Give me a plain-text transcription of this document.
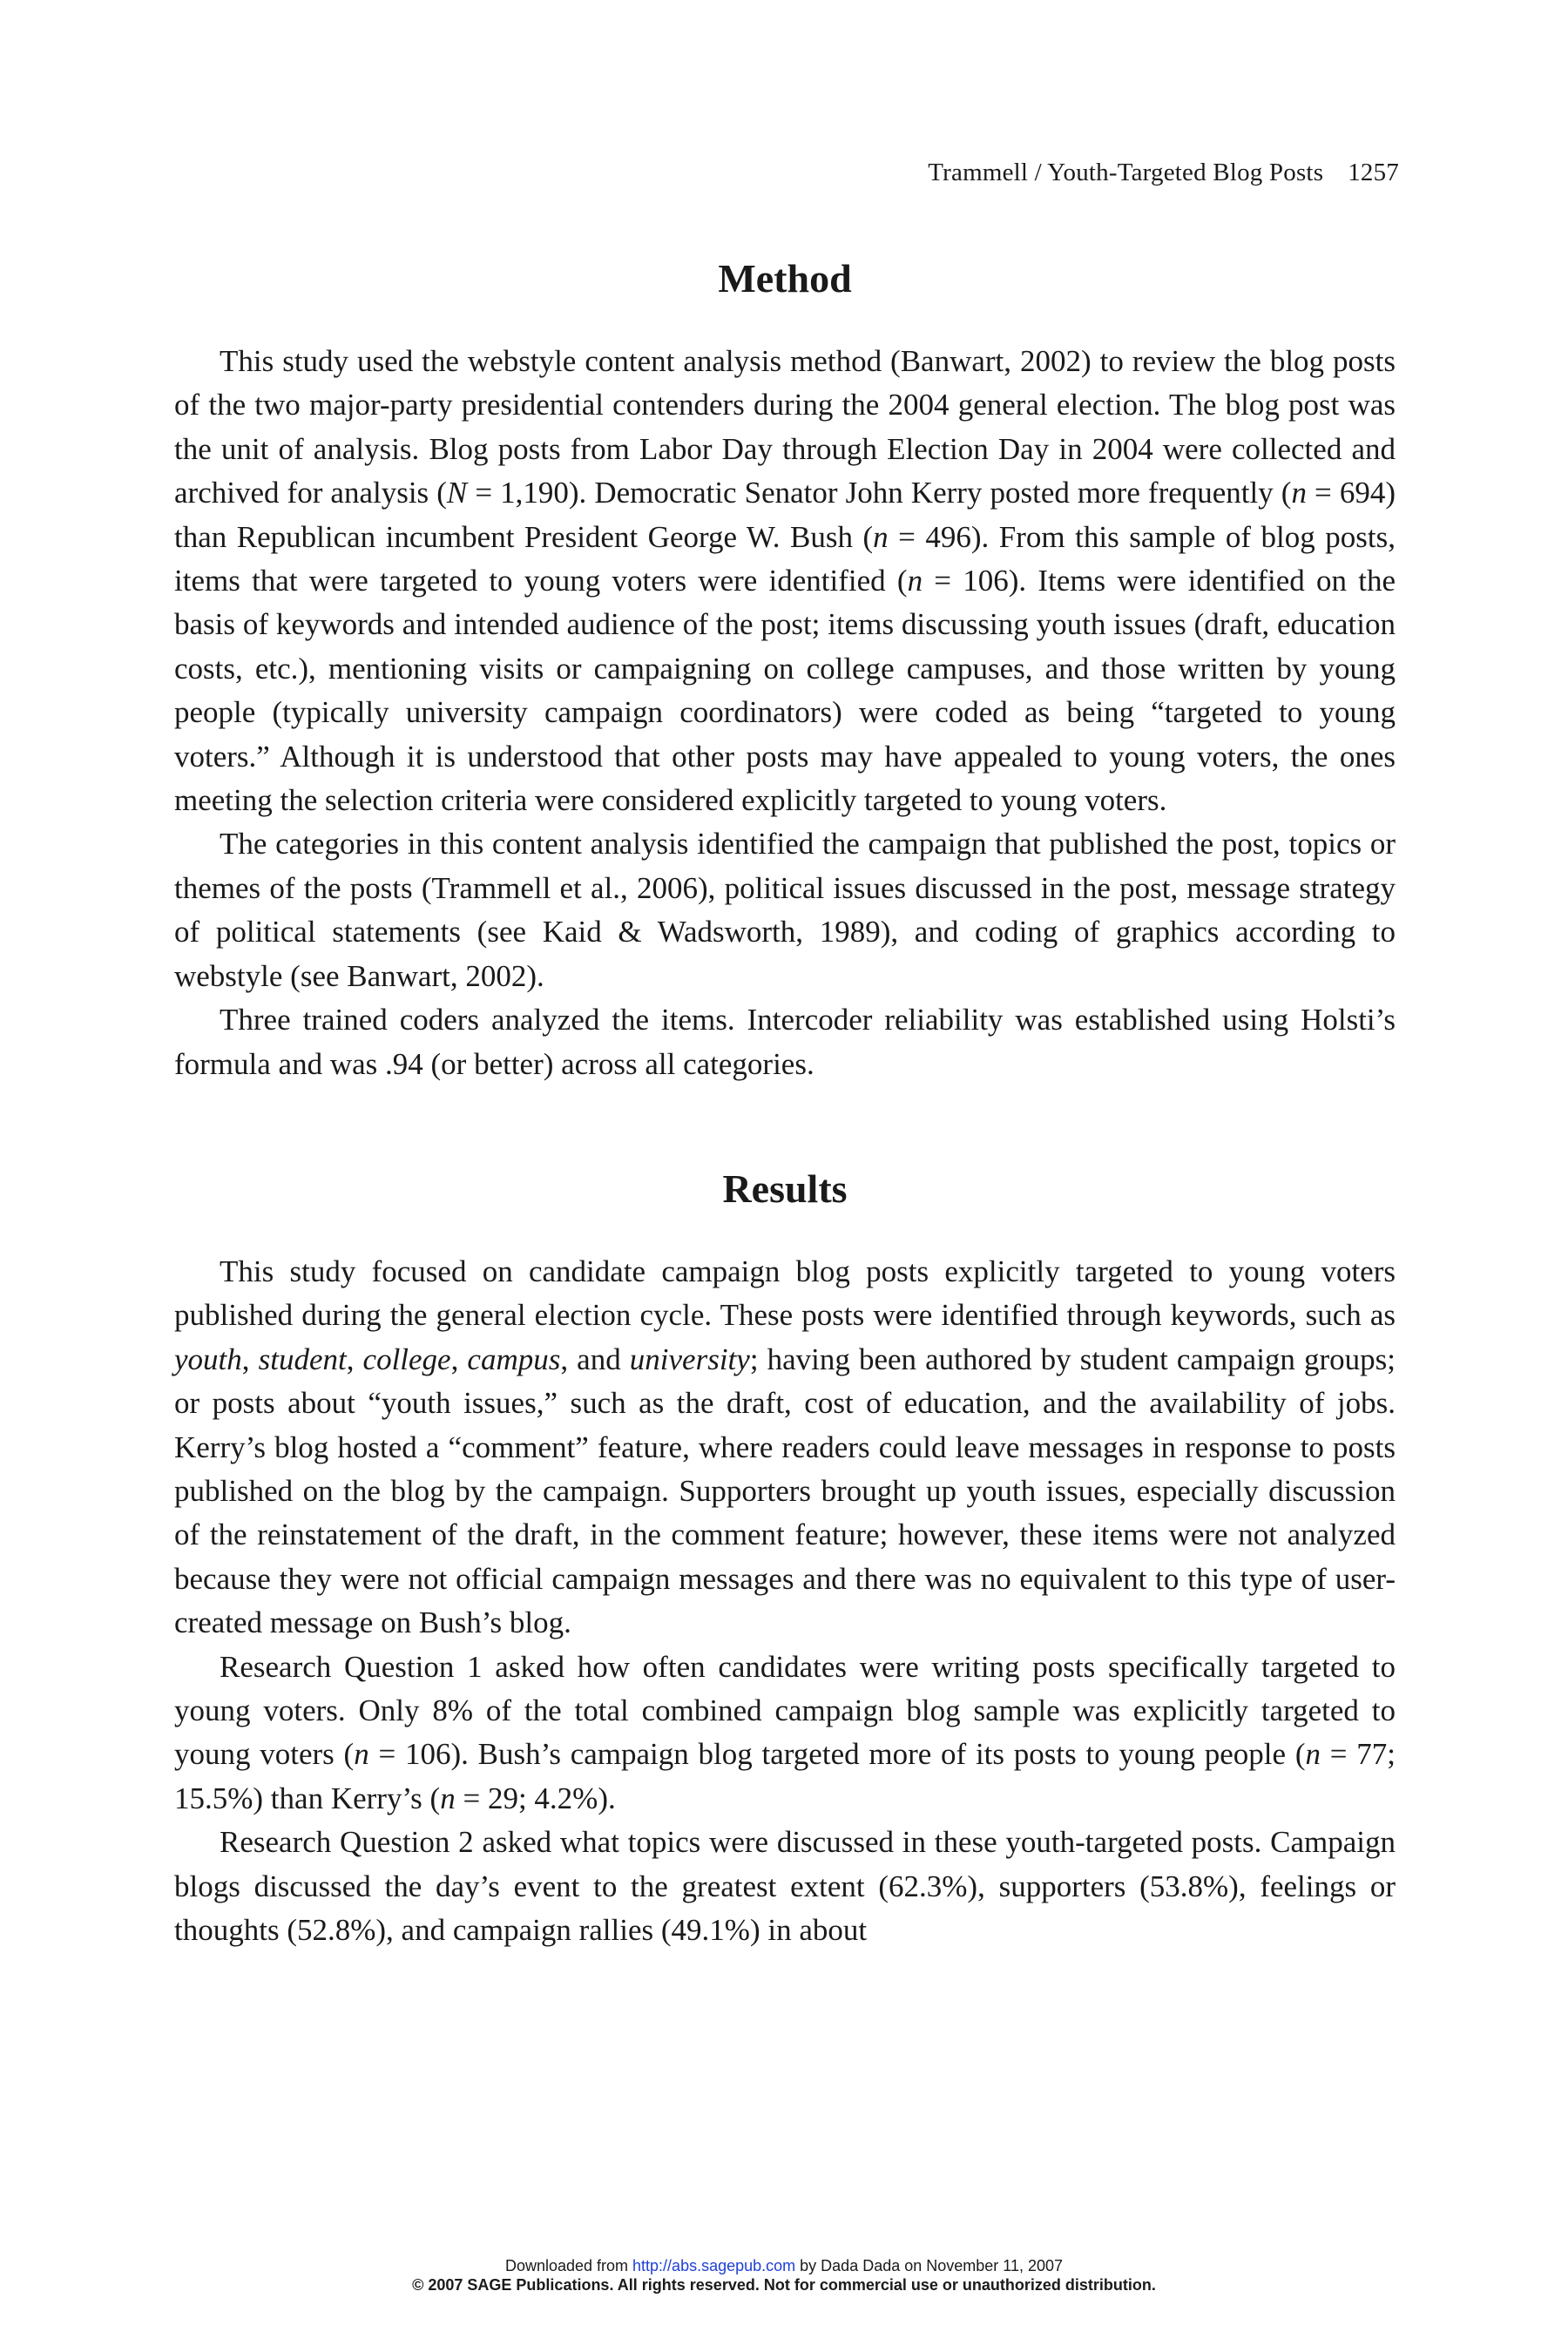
Trammell / Youth-Targeted Blog Posts 1257
Method

This study used the webstyle content analysis method (Banwart, 2002) to review the blog posts of the two major-party presidential contenders during the 2004 general election. The blog post was the unit of analysis. Blog posts from Labor Day through Election Day in 2004 were collected and archived for analysis (N = 1,190). Democratic Senator John Kerry posted more frequently (n = 694) than Republican incumbent President George W. Bush (n = 496). From this sample of blog posts, items that were targeted to young voters were identified (n = 106). Items were identified on the basis of keywords and intended audience of the post; items discussing youth issues (draft, education costs, etc.), mentioning visits or campaigning on college campuses, and those written by young people (typically university campaign coordinators) were coded as being “targeted to young voters.” Although it is understood that other posts may have appealed to young voters, the ones meeting the selection criteria were considered explicitly targeted to young voters.

The categories in this content analysis identified the campaign that published the post, topics or themes of the posts (Trammell et al., 2006), political issues discussed in the post, message strategy of political statements (see Kaid & Wadsworth, 1989), and coding of graphics according to webstyle (see Banwart, 2002).

Three trained coders analyzed the items. Intercoder reliability was established using Holsti’s formula and was .94 (or better) across all categories.

Results

This study focused on candidate campaign blog posts explicitly targeted to young voters published during the general election cycle. These posts were identified through keywords, such as youth, student, college, campus, and university; having been authored by student campaign groups; or posts about “youth issues,” such as the draft, cost of education, and the availability of jobs. Kerry’s blog hosted a “comment” feature, where readers could leave messages in response to posts published on the blog by the campaign. Supporters brought up youth issues, especially discussion of the reinstatement of the draft, in the comment feature; however, these items were not analyzed because they were not official campaign messages and there was no equivalent to this type of user-created message on Bush’s blog.

Research Question 1 asked how often candidates were writing posts specifically targeted to young voters. Only 8% of the total combined campaign blog sample was explicitly targeted to young voters (n = 106). Bush’s campaign blog targeted more of its posts to young people (n = 77; 15.5%) than Kerry’s (n = 29; 4.2%).

Research Question 2 asked what topics were discussed in these youth-targeted posts. Campaign blogs discussed the day’s event to the greatest extent (62.3%), supporters (53.8%), feelings or thoughts (52.8%), and campaign rallies (49.1%) in about

Downloaded from http://abs.sagepub.com by Dada Dada on November 11, 2007
© 2007 SAGE Publications. All rights reserved. Not for commercial use or unauthorized distribution.
